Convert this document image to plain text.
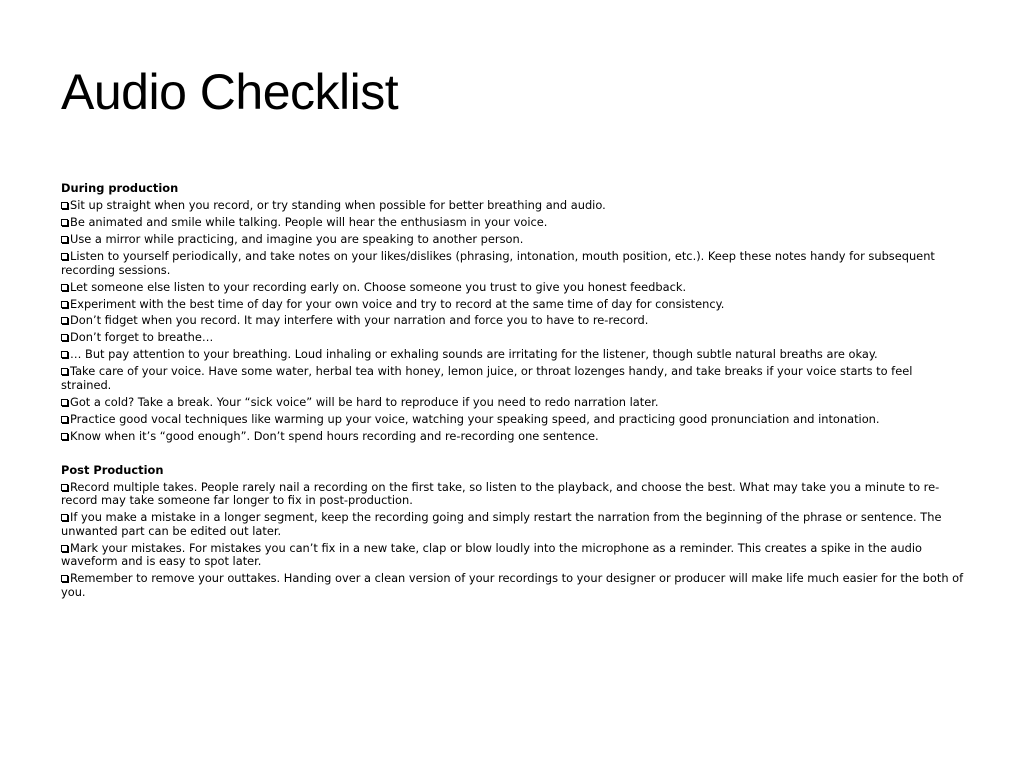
Audio Checklist

During production

Sit up straight when you record, or try standing when possible for better breathing and audio.
Be animated and smile while talking. People will hear the enthusiasm in your voice.
Use a mirror while practicing, and imagine you are speaking to another person.
Listen to yourself periodically, and take notes on your likes/dislikes (phrasing, intonation, mouth position, etc.). Keep these notes handy for subsequent recording sessions.
Let someone else listen to your recording early on. Choose someone you trust to give you honest feedback.
Experiment with the best time of day for your own voice and try to record at the same time of day for consistency.
Don’t fidget when you record. It may interfere with your narration and force you to have to re-record.
Don’t forget to breathe…
… But pay attention to your breathing. Loud inhaling or exhaling sounds are irritating for the listener, though subtle natural breaths are okay.
Take care of your voice. Have some water, herbal tea with honey, lemon juice, or throat lozenges handy, and take breaks if your voice starts to feel strained.
Got a cold? Take a break. Your “sick voice” will be hard to reproduce if you need to redo narration later.
Practice good vocal techniques like warming up your voice, watching your speaking speed, and practicing good pronunciation and intonation.
Know when it’s “good enough”. Don’t spend hours recording and re-recording one sentence.

Post Production

Record multiple takes. People rarely nail a recording on the first take, so listen to the playback, and choose the best. What may take you a minute to re-record may take someone far longer to fix in post-production.
If you make a mistake in a longer segment, keep the recording going and simply restart the narration from the beginning of the phrase or sentence. The unwanted part can be edited out later.
Mark your mistakes. For mistakes you can’t fix in a new take, clap or blow loudly into the microphone as a reminder. This creates a spike in the audio waveform and is easy to spot later.
Remember to remove your outtakes. Handing over a clean version of your recordings to your designer or producer will make life much easier for the both of you.
